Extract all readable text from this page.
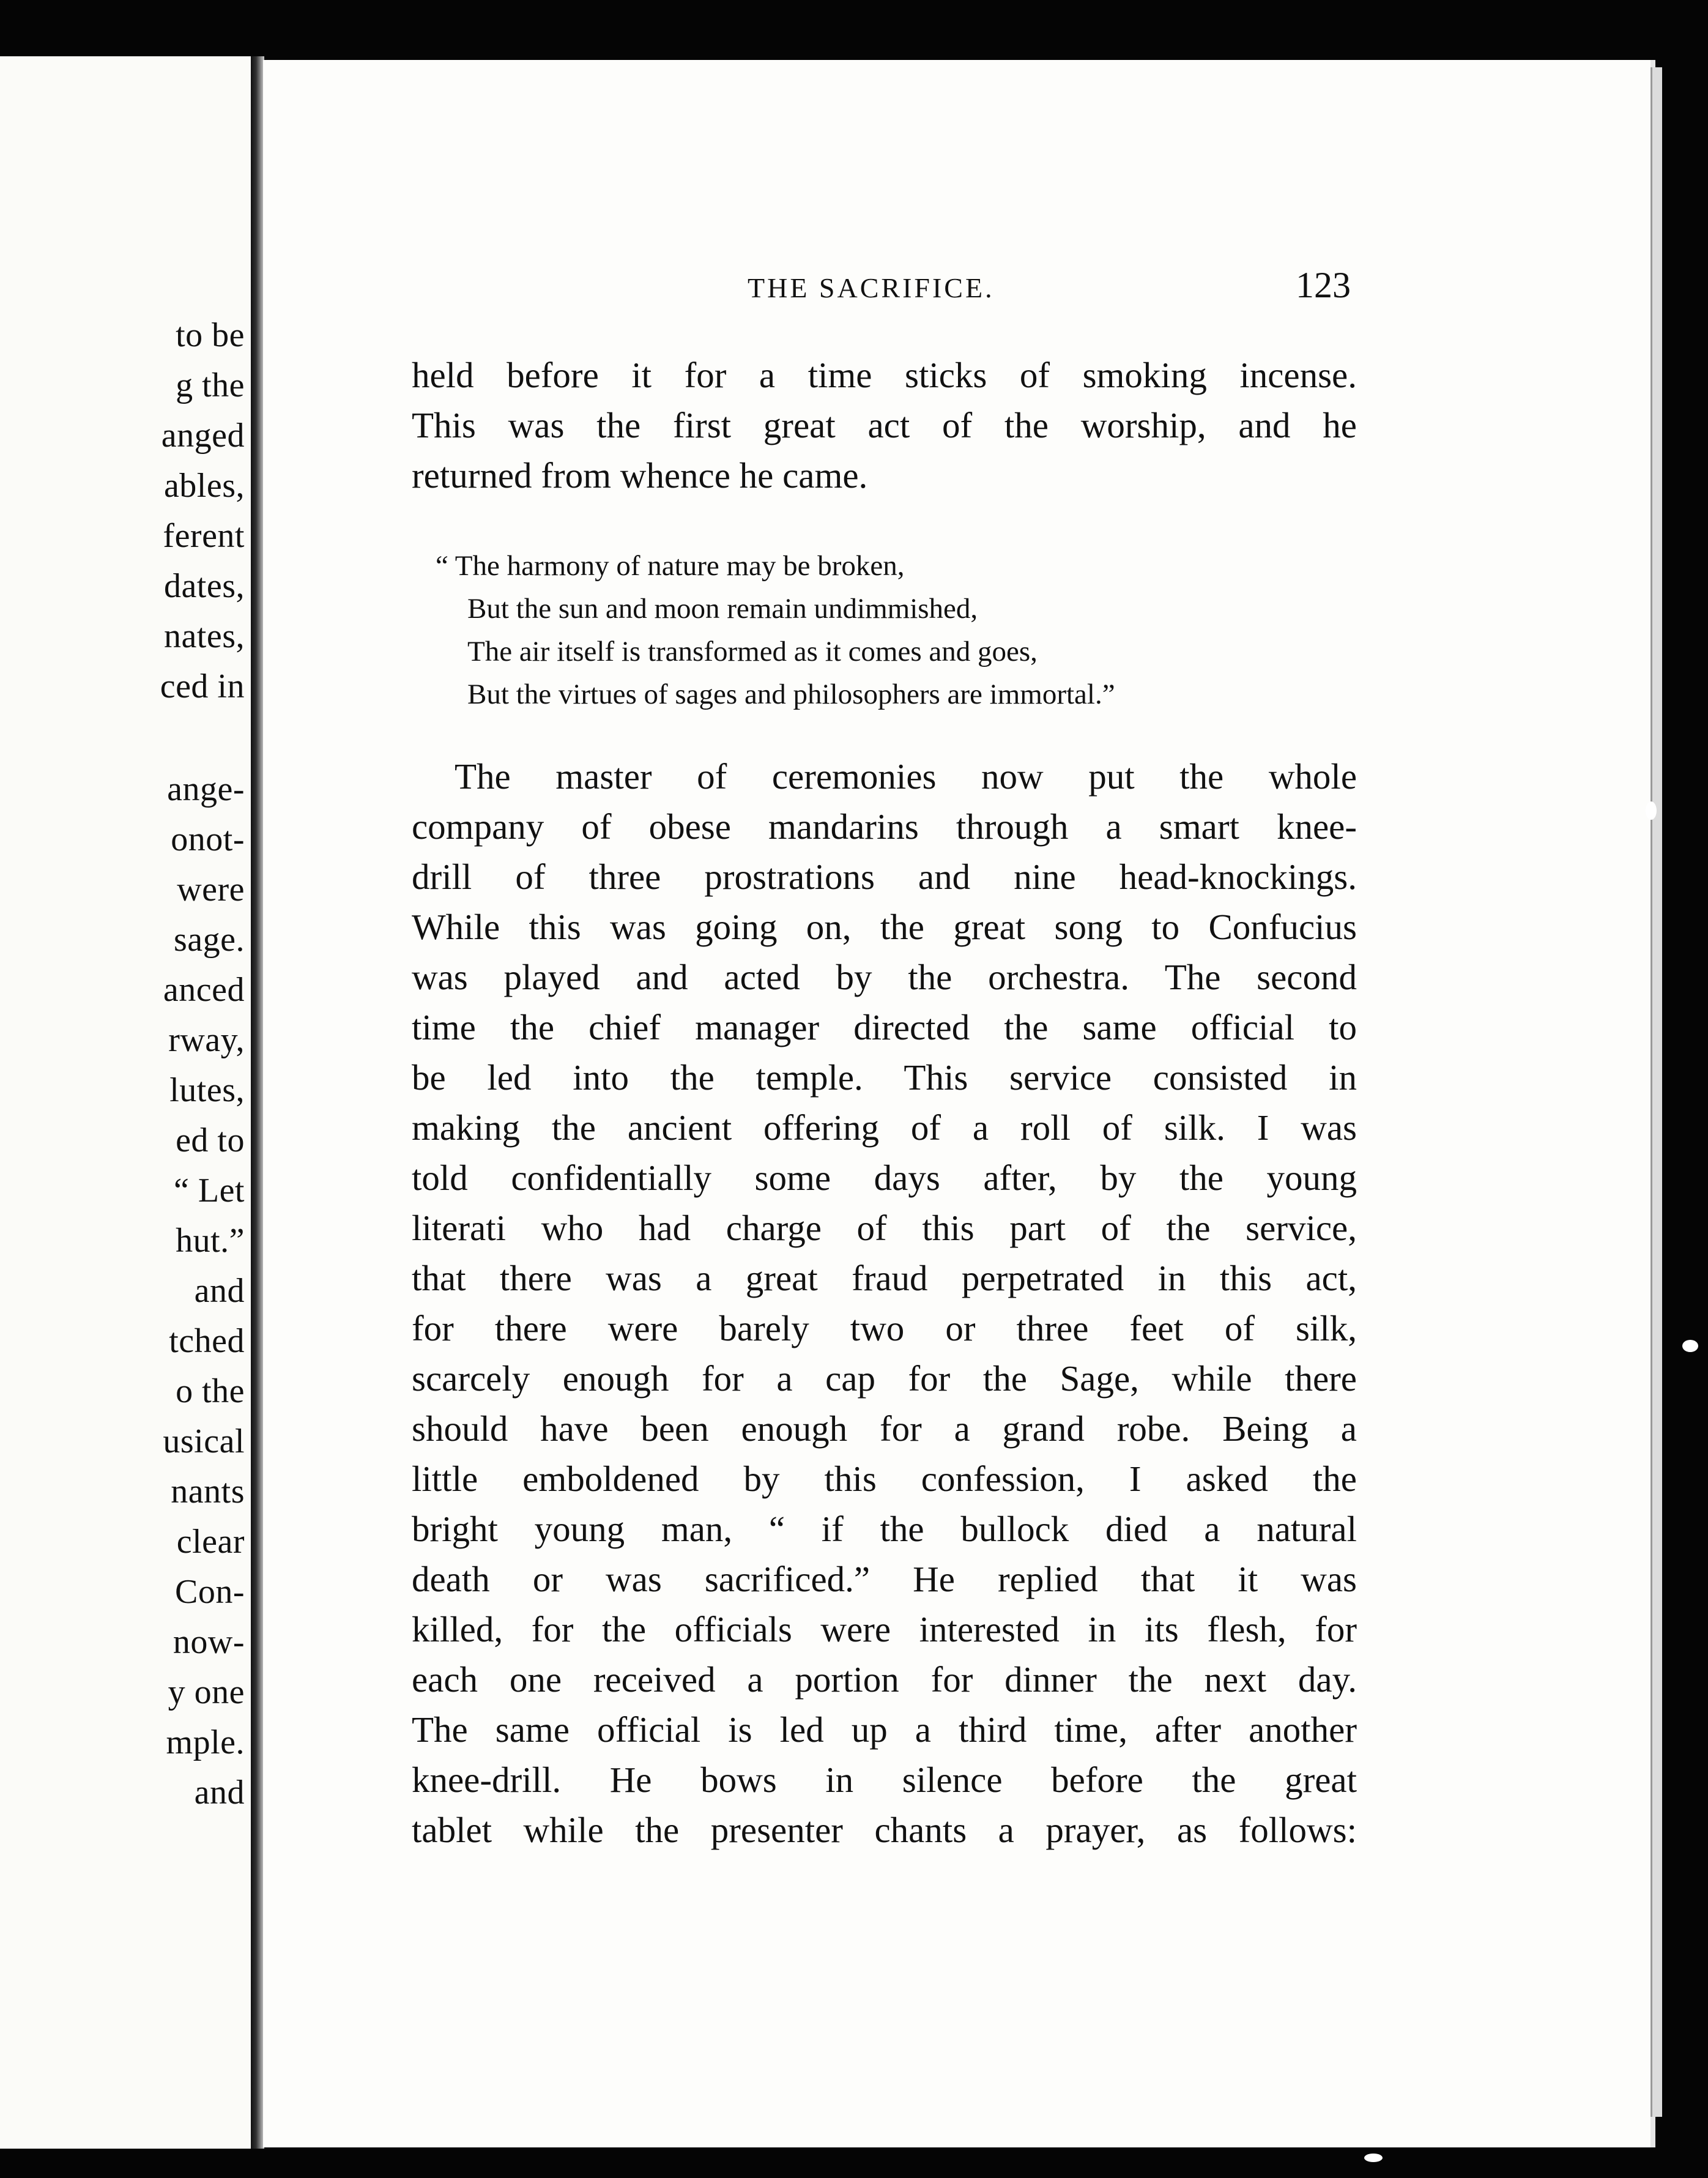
to be
g the
anged
ables,
ferent
dates,
nates,
ced in
ange-
onot-
were
sage.
anced
rway,
lutes,
ed to
“ Let
hut.”
and
tched
o the
usical
nants
clear
Con-
now-
y one
mple.
and
THE SACRIFICE.	123
held before it for a time sticks of smoking incense.
This was the first great act of the worship, and he
returned from whence he came.
“ The harmony of nature may be broken,
But the sun and moon remain undimmished,
The air itself is transformed as it comes and goes,
But the virtues of sages and philosophers are immortal.”
The master of ceremonies now put the whole
company of obese mandarins through a smart knee-
drill of three prostrations and nine head-knockings.
While this was going on, the great song to Confucius
was played and acted by the orchestra. The second
time the chief manager directed the same official to
be led into the temple. This service consisted in
making the ancient offering of a roll of silk. I was
told confidentially some days after, by the young
literati who had charge of this part of the service,
that there was a great fraud perpetrated in this act,
for there were barely two or three feet of silk,
scarcely enough for a cap for the Sage, while there
should have been enough for a grand robe. Being a
little emboldened by this confession, I asked the
bright young man, “ if the bullock died a natural
death or was sacrificed.” He replied that it was
killed, for the officials were interested in its flesh, for
each one received a portion for dinner the next day.
The same official is led up a third time, after another
knee-drill. He bows in silence before the great
tablet while the presenter chants a prayer, as follows:
